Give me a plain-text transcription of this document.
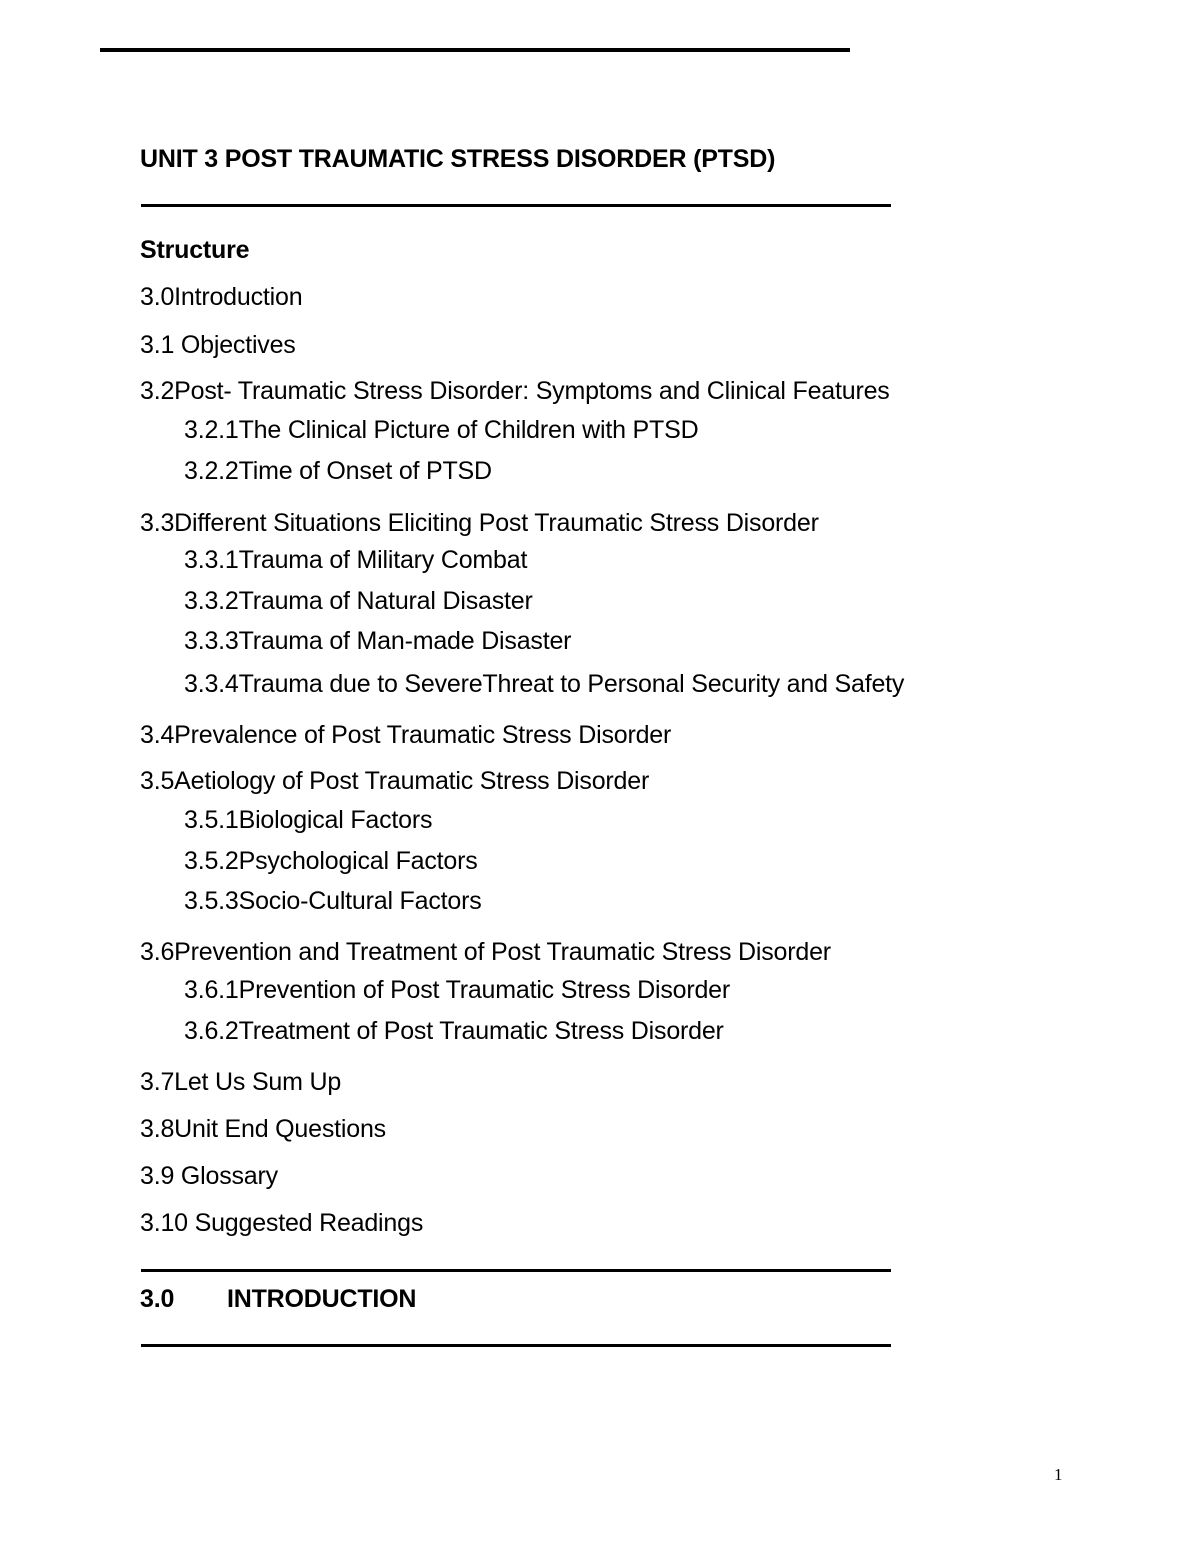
UNIT 3 POST TRAUMATIC STRESS DISORDER (PTSD)
Structure
3.0Introduction
3.1 Objectives
3.2Post- Traumatic Stress Disorder: Symptoms and Clinical Features
3.2.1The Clinical Picture of Children with PTSD
3.2.2Time of Onset of PTSD
3.3Different Situations Eliciting Post Traumatic Stress Disorder
3.3.1Trauma of Military Combat
3.3.2Trauma of Natural Disaster
3.3.3Trauma of Man-made Disaster
3.3.4Trauma due to SevereThreat to Personal Security and Safety
3.4Prevalence of Post Traumatic Stress Disorder
3.5Aetiology of Post Traumatic Stress Disorder
3.5.1Biological Factors
3.5.2Psychological Factors
3.5.3Socio-Cultural Factors
3.6Prevention and Treatment of Post Traumatic Stress Disorder
3.6.1Prevention of Post Traumatic Stress Disorder
3.6.2Treatment of Post Traumatic Stress Disorder
3.7Let Us Sum Up
3.8Unit End Questions
3.9 Glossary
3.10 Suggested Readings
3.0 INTRODUCTION
1
